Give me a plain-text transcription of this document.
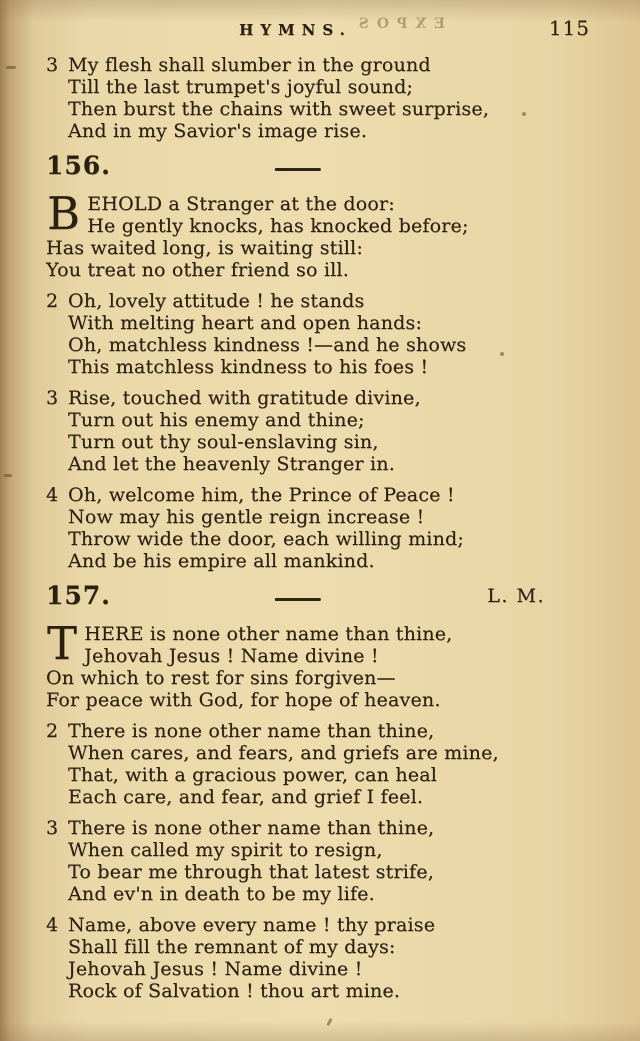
EXPOS
HYMNS.	115
3 My flesh shall slumber in the ground
Till the last trumpet's joyful sound;
Then burst the chains with sweet surprise,
And in my Savior's image rise.
156.
B EHOLD a Stranger at the door:
He gently knocks, has knocked before;
Has waited long, is waiting still:
You treat no other friend so ill.
2 Oh, lovely attitude ! he stands
With melting heart and open hands:
Oh, matchless kindness !—and he shows
This matchless kindness to his foes !
3 Rise, touched with gratitude divine,
Turn out his enemy and thine;
Turn out thy soul-enslaving sin,
And let the heavenly Stranger in.
4 Oh, welcome him, the Prince of Peace !
Now may his gentle reign increase !
Throw wide the door, each willing mind;
And be his empire all mankind.
157.	L. M.
T HERE is none other name than thine,
Jehovah Jesus ! Name divine !
On which to rest for sins forgiven—
For peace with God, for hope of heaven.
2 There is none other name than thine,
When cares, and fears, and griefs are mine,
That, with a gracious power, can heal
Each care, and fear, and grief I feel.
3 There is none other name than thine,
When called my spirit to resign,
To bear me through that latest strife,
And ev'n in death to be my life.
4 Name, above every name ! thy praise
Shall fill the remnant of my days:
Jehovah Jesus ! Name divine !
Rock of Salvation ! thou art mine.
